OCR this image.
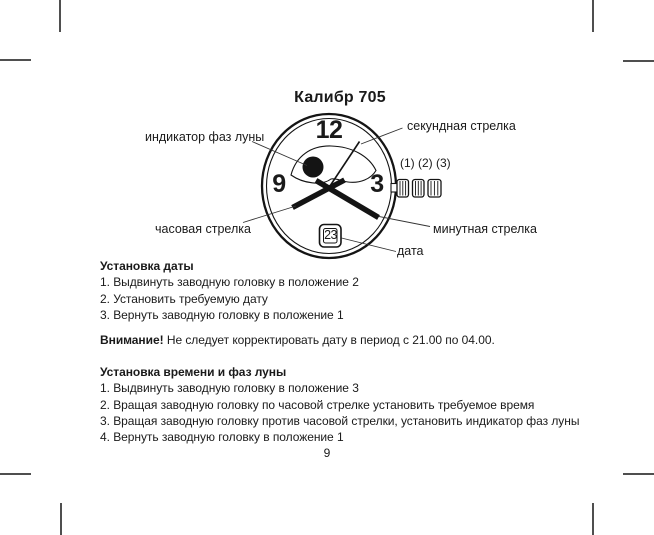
Калибр 705
12
9	3
23
индикатор фаз луны
секундная стрелка
(1) (2) (3)
часовая стрелка	минутная стрелка
дата

Установка даты

1. Выдвинуть заводную головку в положение 2

2. Установить требуемую дату

3. Вернуть заводную головку в положение 1

Внимание! Не следует корректировать дату в период с 21.00 по 04.00.

Установка времени и фаз луны

1. Выдвинуть заводную головку в положение 3

2. Вращая заводную головку по часовой стрелке установить требуемое время

3. Вращая заводную головку против часовой стрелки, установить индикатор фаз луны

4. Вернуть заводную головку в положение 1

9
